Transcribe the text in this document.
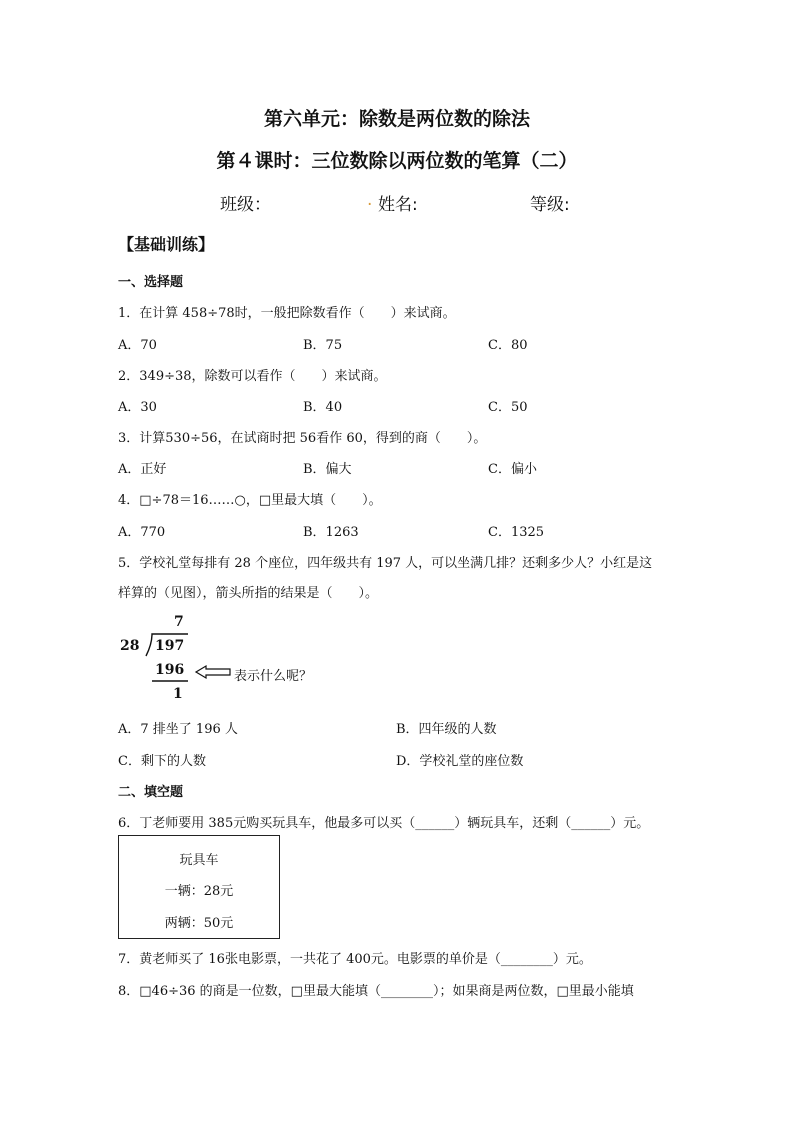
第六单元：除数是两位数的除法
第４课时：三位数除以两位数的笔算（二）
班级：	. 姓名:	等级:
【基础训练】
一、选择题
1．在计算 458÷78时，一般把除数看作（　　）来试商。
A．70	B．75	C．80
2．349÷38，除数可以看作（　　）来试商。
A．30	B．40	C．50
3．计算530÷56，在试商时把 56看作 60，得到的商（　　）。
A．正好	B．偏大	C．偏小
4．□÷78＝16……○，□里最大填（　　）。
A．770	B．1263	C．1325
5．学校礼堂每排有 28 个座位，四年级共有 197 人，可以坐满几排？还剩多少人？小红是这
样算的（见图），箭头所指的结果是（　　）。
7
28 197
196
1
表示什么呢？
A．7 排坐了 196 人	B．四年级的人数
C．剩下的人数	D．学校礼堂的座位数
二、填空题
6．丁老师要用 385元购买玩具车，他最多可以买（______）辆玩具车，还剩（______）元。
玩具车
一辆：28元
两辆：50元
7．黄老师买了 16张电影票，一共花了 400元。电影票的单价是（________）元。
8．□46÷36 的商是一位数，□里最大能填（________）；如果商是两位数，□里最小能填
